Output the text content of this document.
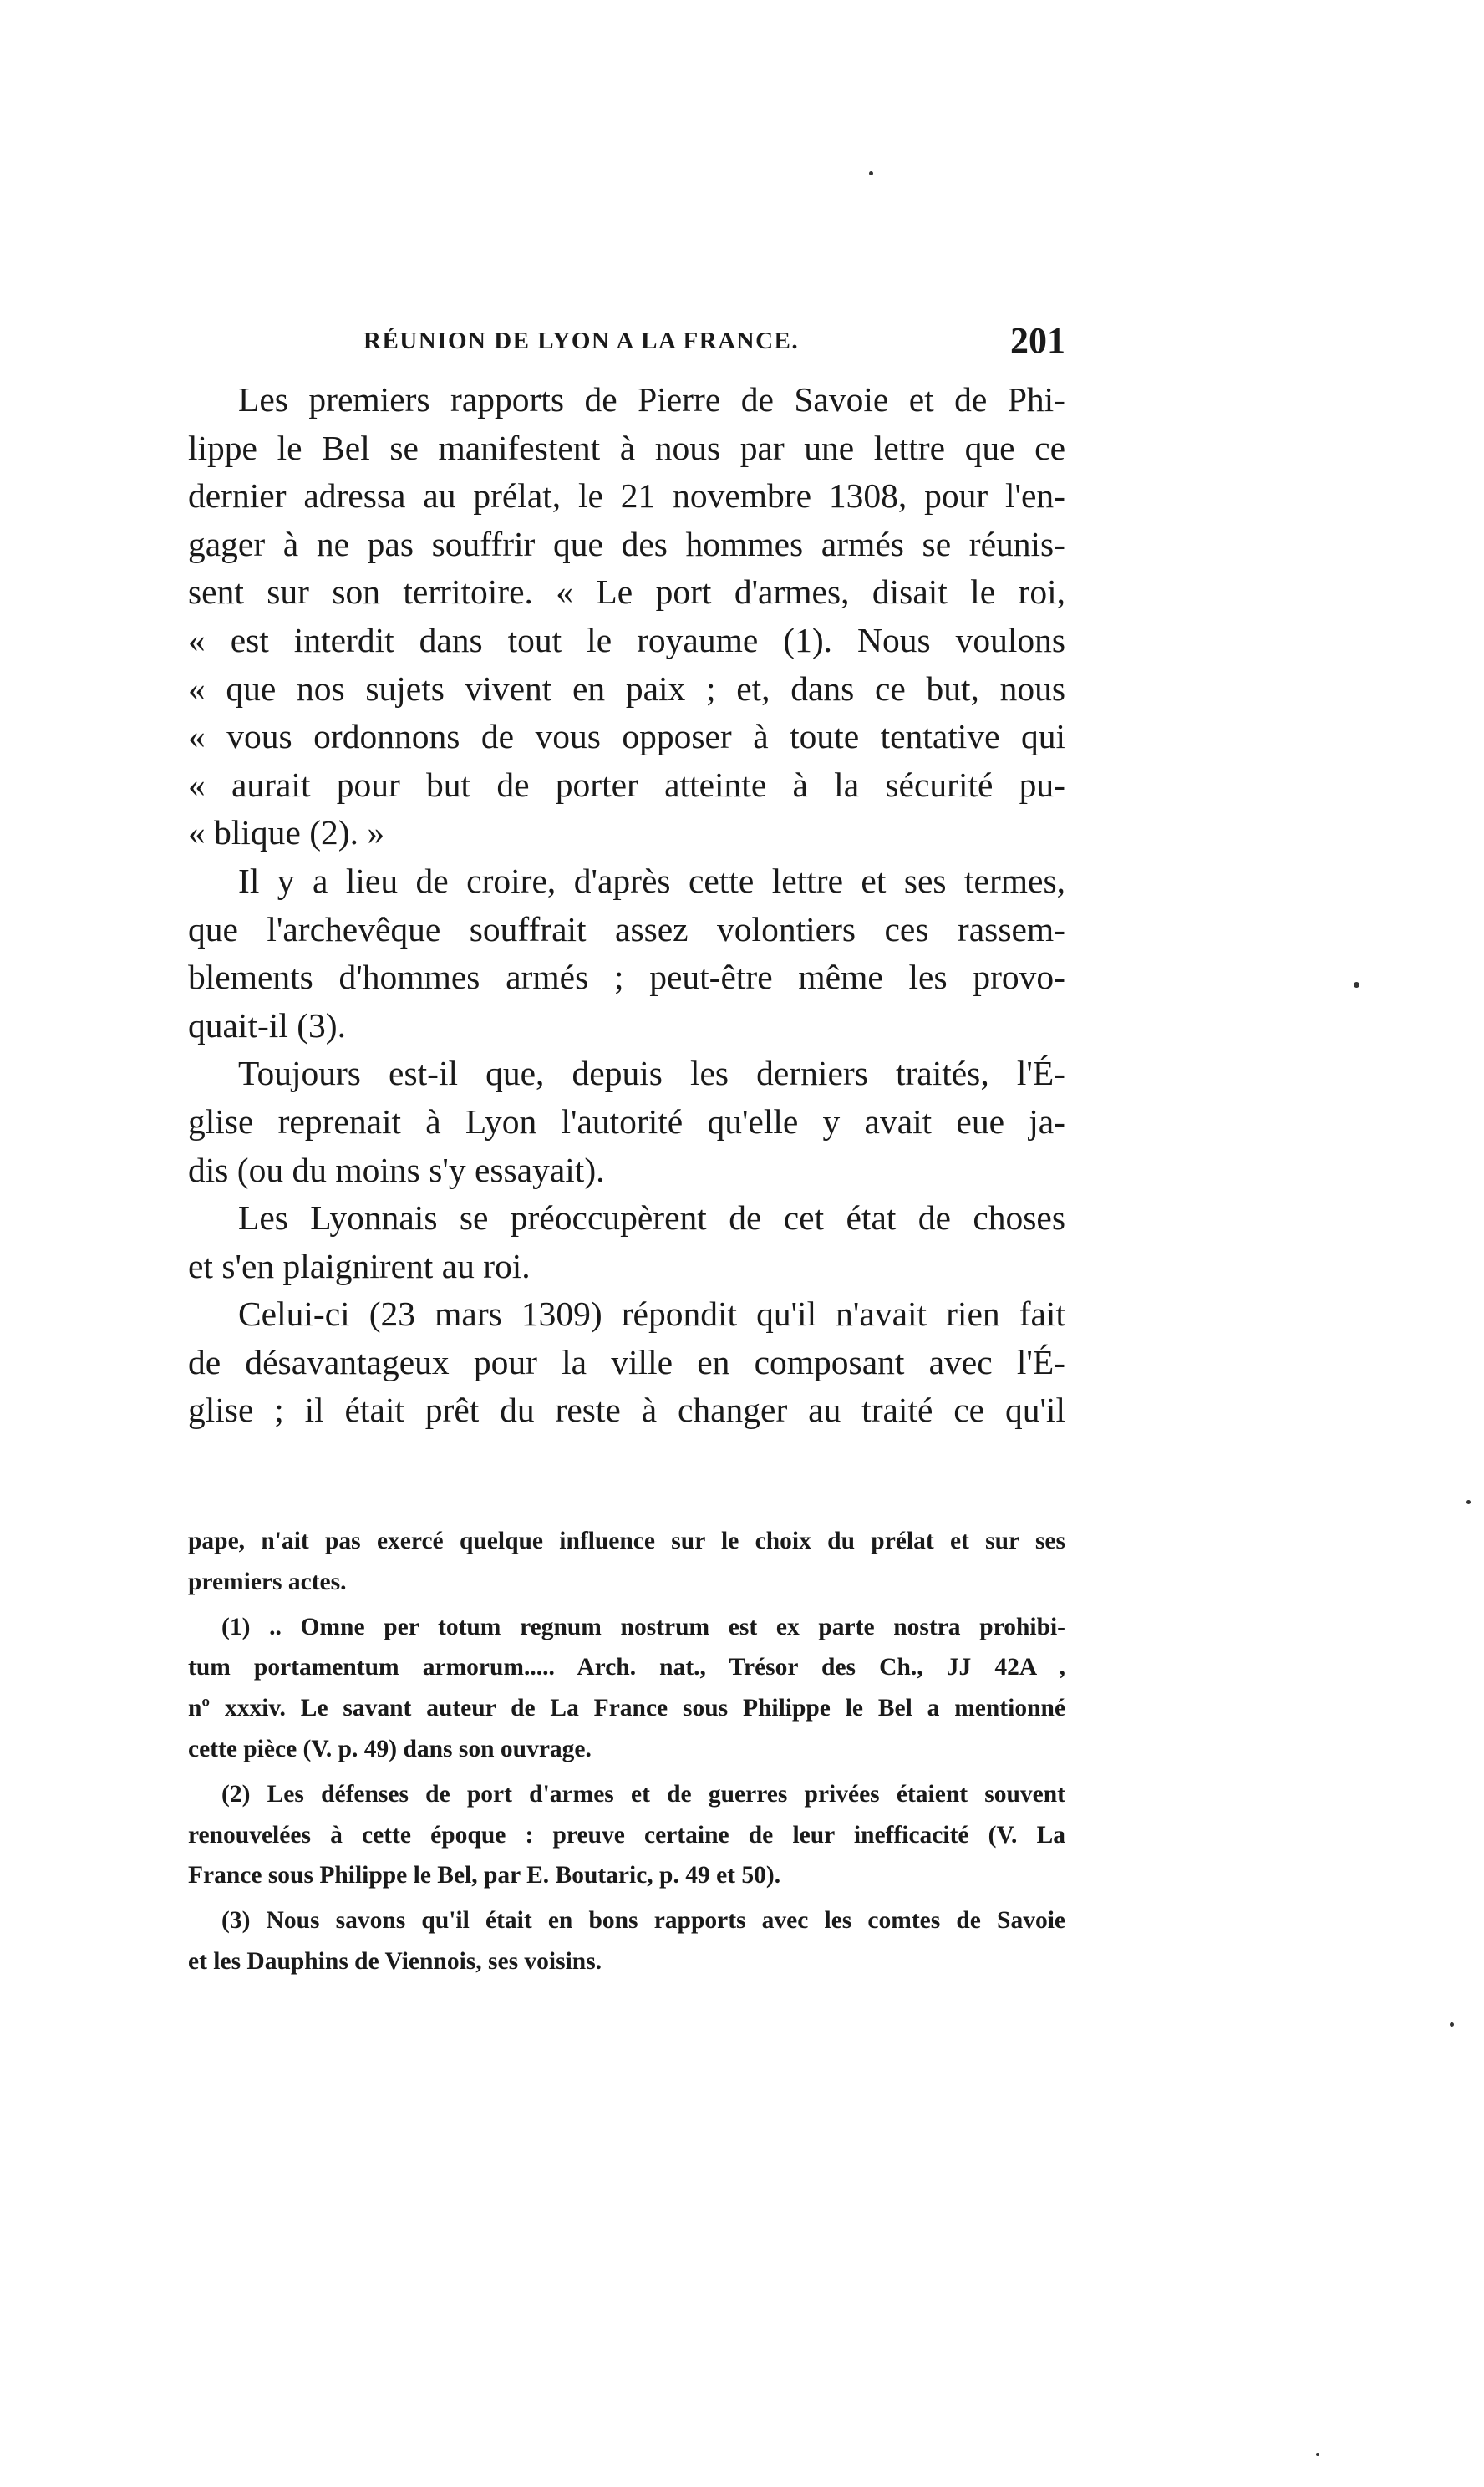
RÉUNION DE LYON A LA FRANCE.	201
Les premiers rapports de Pierre de Savoie et de Phi-
lippe le Bel se manifestent à nous par une lettre que ce
dernier adressa au prélat, le 21 novembre 1308, pour l'en-
gager à ne pas souffrir que des hommes armés se réunis-
sent sur son territoire. « Le port d'armes, disait le roi,
« est interdit dans tout le royaume (1). Nous voulons
« que nos sujets vivent en paix ; et, dans ce but, nous
« vous ordonnons de vous opposer à toute tentative qui
« aurait pour but de porter atteinte à la sécurité pu-
« blique (2). »
Il y a lieu de croire, d'après cette lettre et ses termes,
que l'archevêque souffrait assez volontiers ces rassem-
blements d'hommes armés ; peut-être même les provo-
quait-il (3).
Toujours est-il que, depuis les derniers traités, l'É-
glise reprenait à Lyon l'autorité qu'elle y avait eue ja-
dis (ou du moins s'y essayait).
Les Lyonnais se préoccupèrent de cet état de choses
et s'en plaignirent au roi.
Celui-ci (23 mars 1309) répondit qu'il n'avait rien fait
de désavantageux pour la ville en composant avec l'É-
glise ; il était prêt du reste à changer au traité ce qu'il
pape, n'ait pas exercé quelque influence sur le choix du prélat et sur ses
premiers actes.
(1) .. Omne per totum regnum nostrum est ex parte nostra prohibi-
tum portamentum armorum..... Arch. nat., Trésor des Ch., JJ 42A ,
nº xxxiv. Le savant auteur de La France sous Philippe le Bel a mentionné
cette pièce (V. p. 49) dans son ouvrage.
(2) Les défenses de port d'armes et de guerres privées étaient souvent
renouvelées à cette époque : preuve certaine de leur inefficacité (V. La
France sous Philippe le Bel, par E. Boutaric, p. 49 et 50).
(3) Nous savons qu'il était en bons rapports avec les comtes de Savoie
et les Dauphins de Viennois, ses voisins.
